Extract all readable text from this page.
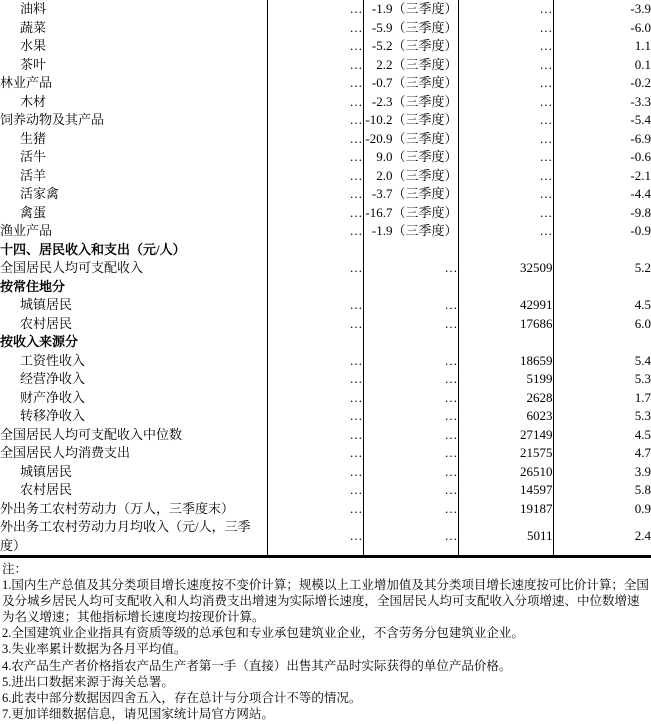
油料	…	-1.9（三季度）	…	-3.9
蔬菜	…	-5.9（三季度）	…	-6.0
水果	…	-5.2（三季度）	…	1.1
茶叶	…	2.2（三季度）	…	0.1
林业产品	…	-0.7（三季度）	…	-0.2
木材	…	-2.3（三季度）	…	-3.3
饲养动物及其产品	…	-10.2（三季度）	…	-5.4
生猪	…	-20.9（三季度）	…	-6.9
活牛	…	9.0（三季度）	…	-0.6
活羊	…	2.0（三季度）	…	-2.1
活家禽	…	-3.7（三季度）	…	-4.4
禽蛋	…	-16.7（三季度）	…	-9.8
渔业产品	…	-1.9（三季度）	…	-0.9
十四、居民收入和支出（元/人）				
全国居民人均可支配收入	…	…	32509	5.2
按常住地分				
城镇居民	…	…	42991	4.5
农村居民	…	…	17686	6.0
按收入来源分				
工资性收入	…	…	18659	5.4
经营净收入	…	…	5199	5.3
财产净收入	…	…	2628	1.7
转移净收入	…	…	6023	5.3
全国居民人均可支配收入中位数	…	…	27149	4.5
全国居民人均消费支出	…	…	21575	4.7
城镇居民	…	…	26510	3.9
农村居民	…	…	14597	5.8
外出务工农村劳动力（万人，三季度末）	…	…	19187	0.9
外出务工农村劳动力月均收入（元/人，三季度）	…	…	5011	2.4
注：

1.国内生产总值及其分类项目增长速度按不变价计算；规模以上工业增加值及其分类项目增长速度按可比价计算；全国及分城乡居民人均可支配收入和人均消费支出增速为实际增长速度，全国居民人均可支配收入分项增速、中位数增速为名义增速；其他指标增长速度均按现价计算。

2.全国建筑业企业指具有资质等级的总承包和专业承包建筑业企业，不含劳务分包建筑业企业。

3.失业率累计数据为各月平均值。

4.农产品生产者价格指农产品生产者第一手（直接）出售其产品时实际获得的单位产品价格。

5.进出口数据来源于海关总署。

6.此表中部分数据因四舍五入，存在总计与分项合计不等的情况。

7.更加详细数据信息，请见国家统计局官方网站。
